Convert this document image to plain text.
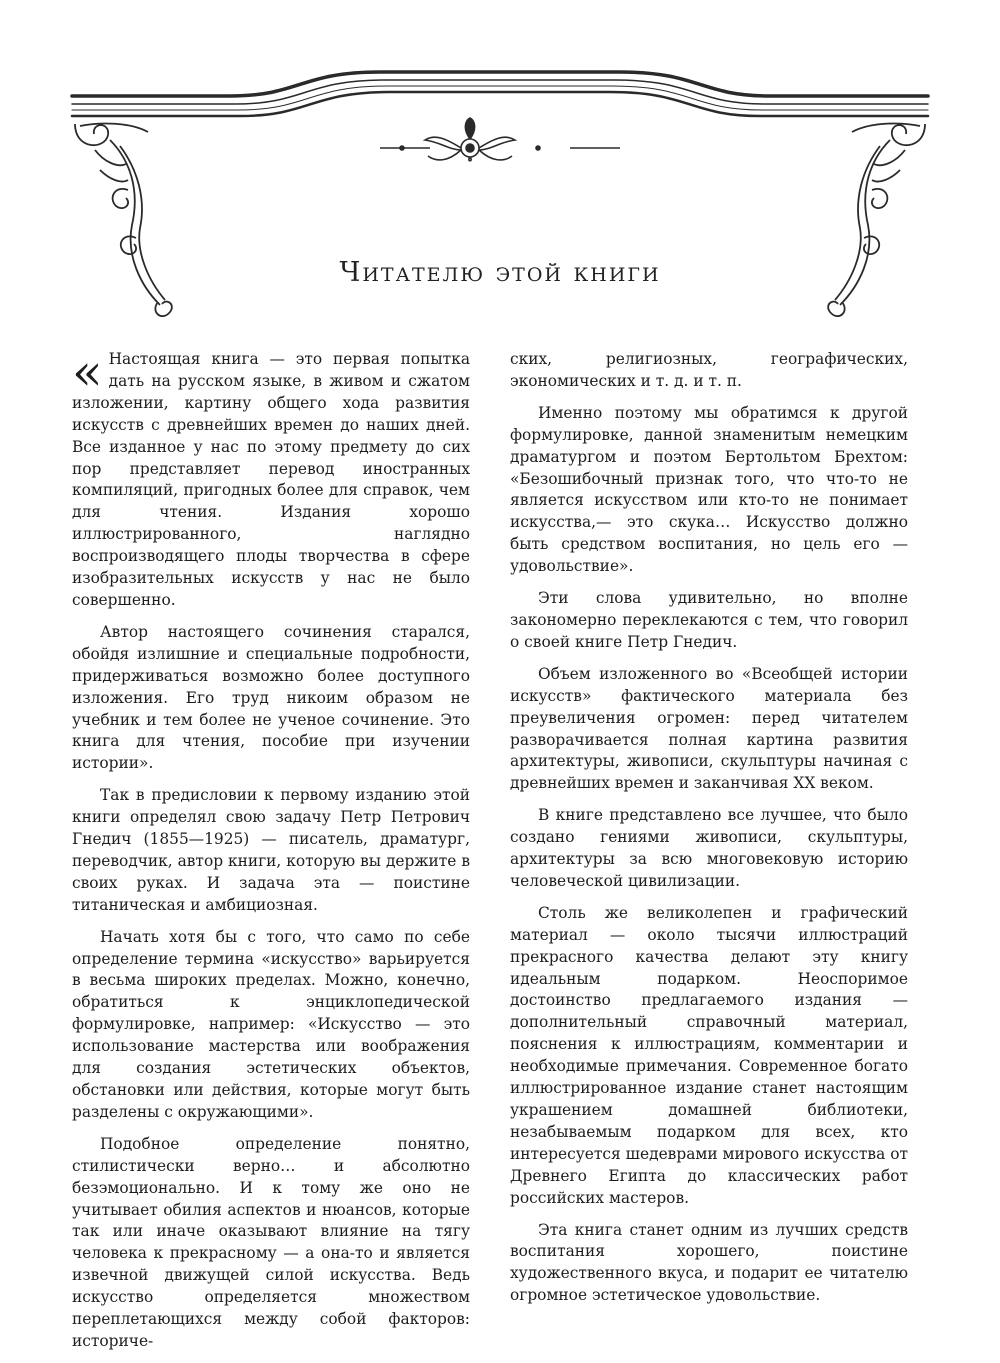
Читателю этой книги

« Настоящая книга — это первая попытка дать на русском языке, в живом и сжатом изложении, картину общего хода развития искусств с древнейших времен до наших дней. Все изданное у нас по этому предмету до сих пор представляет перевод иностранных компиляций, пригодных более для справок, чем для чтения. Издания хорошо иллюстрированного, наглядно воспроизводящего плоды творчества в сфере изобразительных искусств у нас не было совершенно.

Автор настоящего сочинения старался, обойдя излишние и специальные подробности, придерживаться возможно более доступного изложения. Его труд никоим образом не учебник и тем более не ученое сочинение. Это книга для чтения, пособие при изучении истории».

Так в предисловии к первому изданию этой книги определял свою задачу Петр Петрович Гнедич (1855—1925) — писатель, драматург, переводчик, автор книги, которую вы держите в своих руках. И задача эта — поистине титаническая и амбициозная.

Начать хотя бы с того, что само по себе определение термина «искусство» варьируется в весьма широких пределах. Можно, конечно, обратиться к энциклопедической формулировке, например: «Искусство — это использование мастерства или воображения для создания эстетических объектов, обстановки или действия, которые могут быть разделены с окружающими».

Подобное определение понятно, стилистически верно… и абсолютно безэмоционально. И к тому же оно не учитывает обилия аспектов и нюансов, которые так или иначе оказывают влияние на тягу человека к прекрасному — а она-то и является извечной движущей силой искусства. Ведь искусство определяется множеством переплетающихся между собой факторов: историче-

ских, религиозных, географических, экономических и т. д. и т. п.

Именно поэтому мы обратимся к другой формулировке, данной знаменитым немецким драматургом и поэтом Бертольтом Брехтом: «Безошибочный признак того, что что-то не является искусством или кто-то не понимает искусства,— это скука… Искусство должно быть средством воспитания, но цель его — удовольствие».

Эти слова удивительно, но вполне закономерно переклекаются с тем, что говорил о своей книге Петр Гнедич.

Объем изложенного во «Всеобщей истории искусств» фактического материала без преувеличения огромен: перед читателем разворачивается полная картина развития архитектуры, живописи, скульптуры начиная с древнейших времен и заканчивая XX веком.

В книге представлено все лучшее, что было создано гениями живописи, скульптуры, архитектуры за всю многовековую историю человеческой цивилизации.

Столь же великолепен и графический материал — около тысячи иллюстраций прекрасного качества делают эту книгу идеальным подарком. Неоспоримое достоинство предлагаемого издания — дополнительный справочный материал, пояснения к иллюстрациям, комментарии и необходимые примечания. Современное богато иллюстрированное издание станет настоящим украшением домашней библиотеки, незабываемым подарком для всех, кто интересуется шедеврами мирового искусства от Древнего Египта до классических работ российских мастеров.

Эта книга станет одним из лучших средств воспитания хорошего, поистине художественного вкуса, и подарит ее читателю огромное эстетическое удовольствие.
